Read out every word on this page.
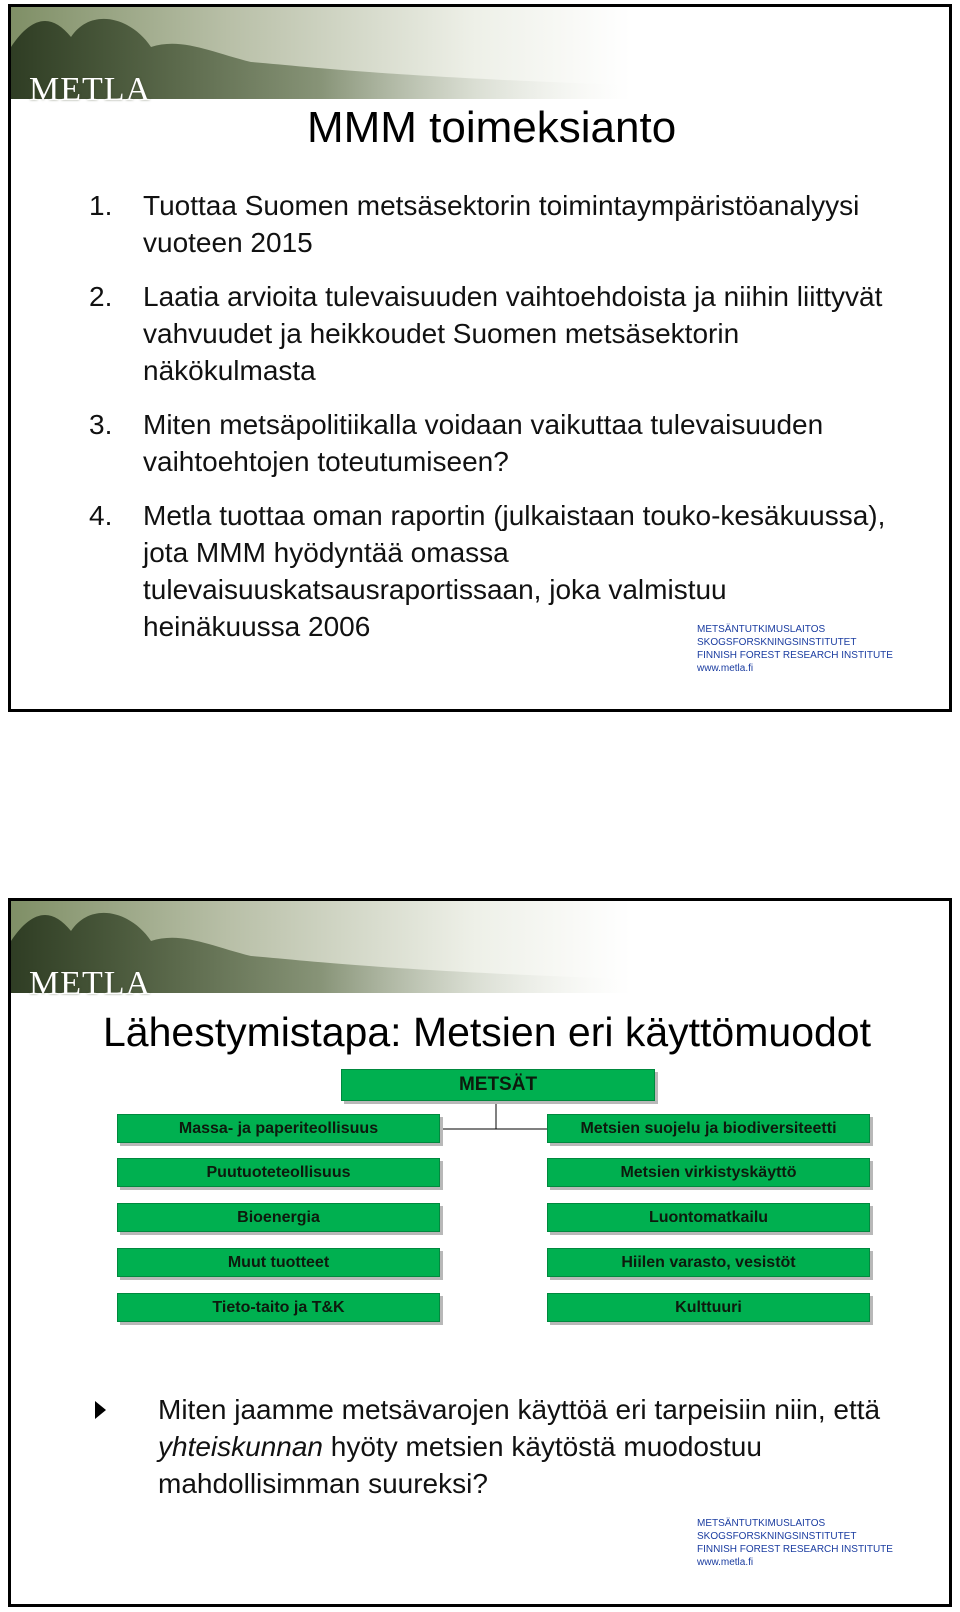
METLA
MMM toimeksianto
1. Tuottaa Suomen metsäsektorin toimintaympäristöanalyysi vuoteen 2015
2. Laatia arvioita tulevaisuuden vaihtoehdoista ja niihin liittyvät vahvuudet ja heikkoudet Suomen metsäsektorin näkökulmasta
3. Miten metsäpolitiikalla voidaan vaikuttaa tulevaisuuden vaihtoehtojen toteutumiseen?
4. Metla tuottaa oman raportin (julkaistaan touko-kesäkuussa), jota MMM hyödyntää omassa tulevaisuuskatsausraportissaan, joka valmistuu heinäkuussa 2006	METSÄNTUTKIMUSLAITOS
SKOGSFORSKNINGSINSTITUTET
FINNISH FOREST RESEARCH INSTITUTE
www.metla.fi
METLA
Lähestymistapa: Metsien eri käyttömuodot
METSÄT
Massa- ja paperiteollisuus
Puutuoteteollisuus
Bioenergia
Muut tuotteet
Tieto-taito ja T&K
Metsien suojelu ja biodiversiteetti
Metsien virkistyskäyttö
Luontomatkailu
Hiilen varasto, vesistöt
Kulttuuri
Miten jaamme metsävarojen käyttöä eri tarpeisiin niin, että yhteiskunnan hyöty metsien käytöstä muodostuu mahdollisimman suureksi?
METSÄNTUTKIMUSLAITOS
SKOGSFORSKNINGSINSTITUTET
FINNISH FOREST RESEARCH INSTITUTE
www.metla.fi
